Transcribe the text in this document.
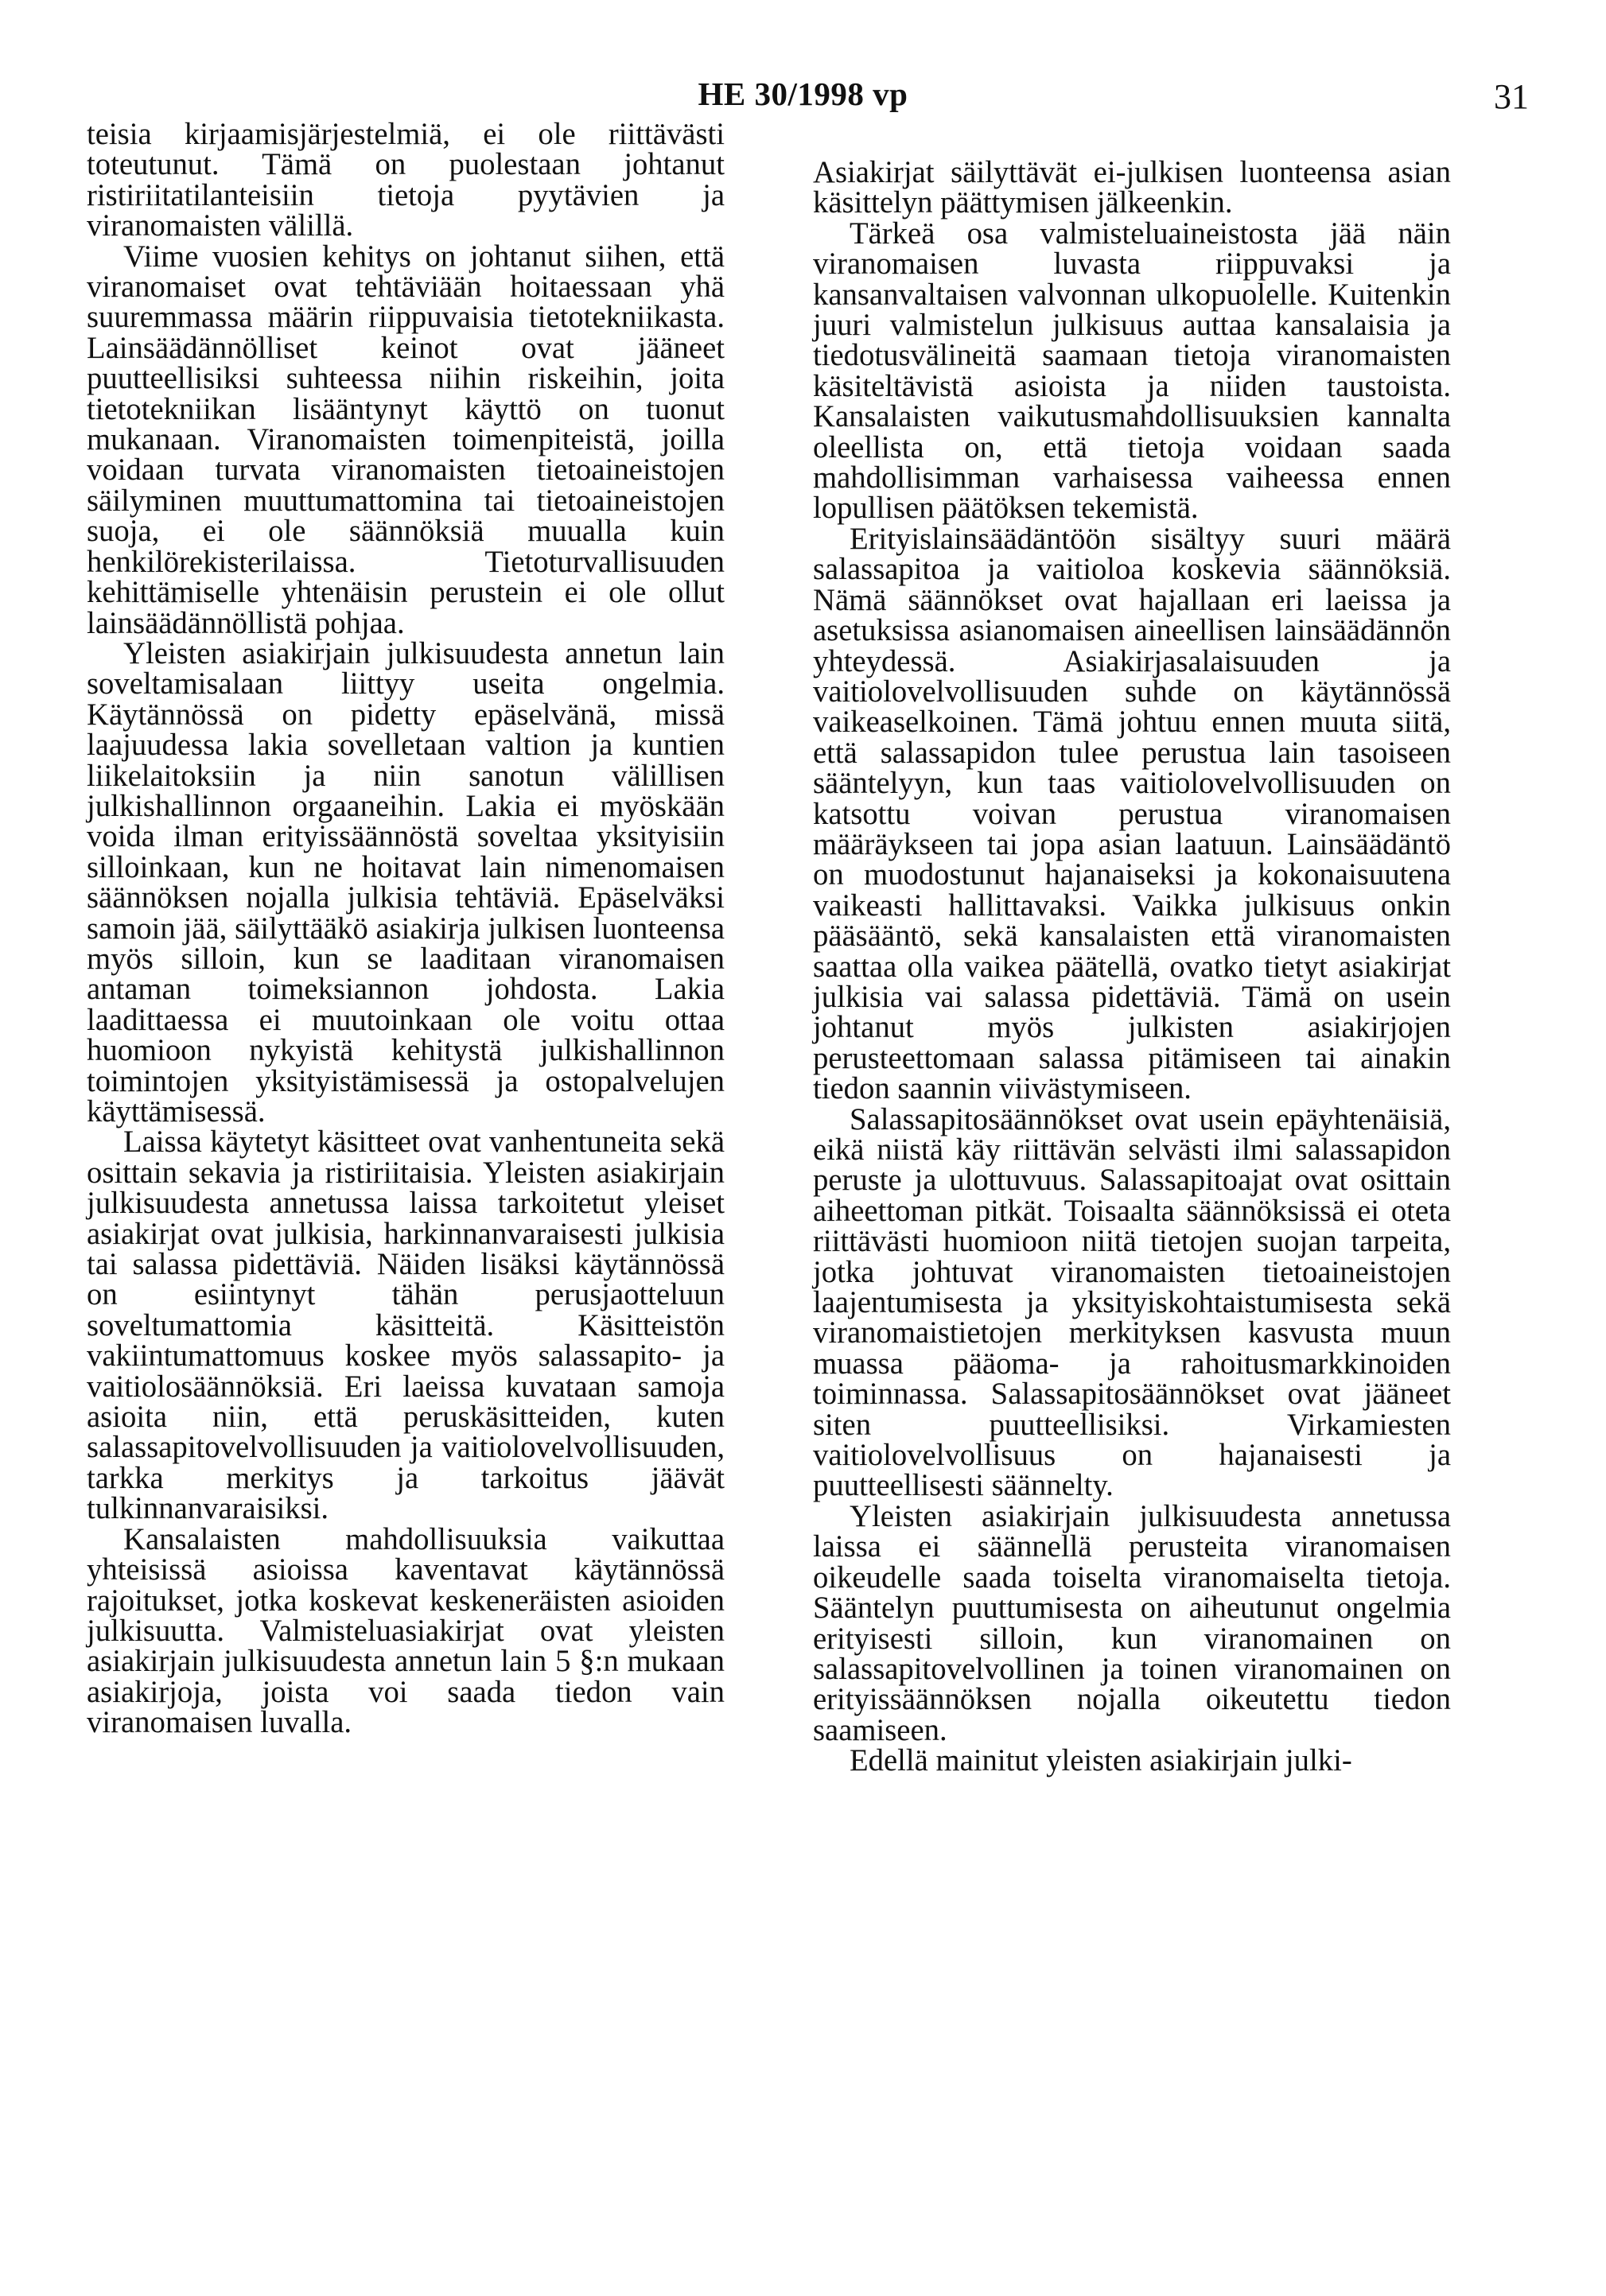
HE 30/1998 vp	31

teisia kirjaamisjärjestelmiä, ei ole riittävästi toteutunut. Tämä on puolestaan johtanut ristiriitatilanteisiin tietoja pyytävien ja viranomaisten välillä.

Viime vuosien kehitys on johtanut siihen, että viranomaiset ovat tehtäviään hoitaessaan yhä suuremmassa määrin riippuvaisia tietotekniikasta. Lainsäädännölliset keinot ovat jääneet puutteellisiksi suhteessa niihin riskeihin, joita tietotekniikan lisääntynyt käyttö on tuonut mukanaan. Viranomaisten toimenpiteistä, joilla voidaan turvata viranomaisten tietoaineistojen säilyminen muuttumattomina tai tietoaineistojen suoja, ei ole säännöksiä muualla kuin henkilörekisterilaissa. Tietoturvallisuuden kehittämiselle yhtenäisin perustein ei ole ollut lainsäädännöllistä pohjaa.

Yleisten asiakirjain julkisuudesta annetun lain soveltamisalaan liittyy useita ongelmia. Käytännössä on pidetty epäselvänä, missä laajuudessa lakia sovelletaan valtion ja kuntien liikelaitoksiin ja niin sanotun välillisen julkishallinnon orgaaneihin. Lakia ei myöskään voida ilman erityissäännöstä soveltaa yksityisiin silloinkaan, kun ne hoitavat lain nimenomaisen säännöksen nojalla julkisia tehtäviä. Epäselväksi samoin jää, säilyttääkö asiakirja julkisen luonteensa myös silloin, kun se laaditaan viranomaisen antaman toimeksiannon johdosta. Lakia laadittaessa ei muutoinkaan ole voitu ottaa huomioon nykyistä kehitystä julkishallinnon toimintojen yksityistämisessä ja ostopalvelujen käyttämisessä.

Laissa käytetyt käsitteet ovat vanhentuneita sekä osittain sekavia ja ristiriitaisia. Yleisten asiakirjain julkisuudesta annetussa laissa tarkoitetut yleiset asiakirjat ovat julkisia, harkinnanvaraisesti julkisia tai salassa pidettäviä. Näiden lisäksi käytännössä on esiintynyt tähän perusjaotteluun soveltumattomia käsitteitä. Käsitteistön vakiintumattomuus koskee myös salassapito- ja vaitiolosäännöksiä. Eri laeissa kuvataan samoja asioita niin, että peruskäsitteiden, kuten salassapitovelvollisuuden ja vaitiolovelvollisuuden, tarkka merkitys ja tarkoitus jäävät tulkinnanvaraisiksi.

Kansalaisten mahdollisuuksia vaikuttaa yhteisissä asioissa kaventavat käytännössä rajoitukset, jotka koskevat keskeneräisten asioiden julkisuutta. Valmisteluasiakirjat ovat yleisten asiakirjain julkisuudesta annetun lain 5 §:n mukaan asiakirjoja, joista voi saada tiedon vain viranomaisen luvalla.

Asiakirjat säilyttävät ei-julkisen luonteensa asian käsittelyn päättymisen jälkeenkin.

Tärkeä osa valmisteluaineistosta jää näin viranomaisen luvasta riippuvaksi ja kansanvaltaisen valvonnan ulkopuolelle. Kuitenkin juuri valmistelun julkisuus auttaa kansalaisia ja tiedotusvälineitä saamaan tietoja viranomaisten käsiteltävistä asioista ja niiden taustoista. Kansalaisten vaikutusmahdollisuuksien kannalta oleellista on, että tietoja voidaan saada mahdollisimman varhaisessa vaiheessa ennen lopullisen päätöksen tekemistä.

Erityislainsäädäntöön sisältyy suuri määrä salassapitoa ja vaitioloa koskevia säännöksiä. Nämä säännökset ovat hajallaan eri laeissa ja asetuksissa asianomaisen aineellisen lainsäädännön yhteydessä. Asiakirjasalaisuuden ja vaitiolovelvollisuuden suhde on käytännössä vaikeaselkoinen. Tämä johtuu ennen muuta siitä, että salassapidon tulee perustua lain tasoiseen sääntelyyn, kun taas vaitiolovelvollisuuden on katsottu voivan perustua viranomaisen määräykseen tai jopa asian laatuun. Lainsäädäntö on muodostunut hajanaiseksi ja kokonaisuutena vaikeasti hallittavaksi. Vaikka julkisuus onkin pääsääntö, sekä kansalaisten että viranomaisten saattaa olla vaikea päätellä, ovatko tietyt asiakirjat julkisia vai salassa pidettäviä. Tämä on usein johtanut myös julkisten asiakirjojen perusteettomaan salassa pitämiseen tai ainakin tiedon saannin viivästymiseen.

Salassapitosäännökset ovat usein epäyhtenäisiä, eikä niistä käy riittävän selvästi ilmi salassapidon peruste ja ulottuvuus. Salassapitoajat ovat osittain aiheettoman pitkät. Toisaalta säännöksissä ei oteta riittävästi huomioon niitä tietojen suojan tarpeita, jotka johtuvat viranomaisten tietoaineistojen laajentumisesta ja yksityiskohtaistumisesta sekä viranomaistietojen merkityksen kasvusta muun muassa pääoma- ja rahoitusmarkkinoiden toiminnassa. Salassapitosäännökset ovat jääneet siten puutteellisiksi. Virkamiesten vaitiolovelvollisuus on hajanaisesti ja puutteellisesti säännelty.

Yleisten asiakirjain julkisuudesta annetussa laissa ei säännellä perusteita viranomaisen oikeudelle saada toiselta viranomaiselta tietoja. Sääntelyn puuttumisesta on aiheutunut ongelmia erityisesti silloin, kun viranomainen on salassapitovelvollinen ja toinen viranomainen on erityissäännöksen nojalla oikeutettu tiedon saamiseen.

Edellä mainitut yleisten asiakirjain julki-
